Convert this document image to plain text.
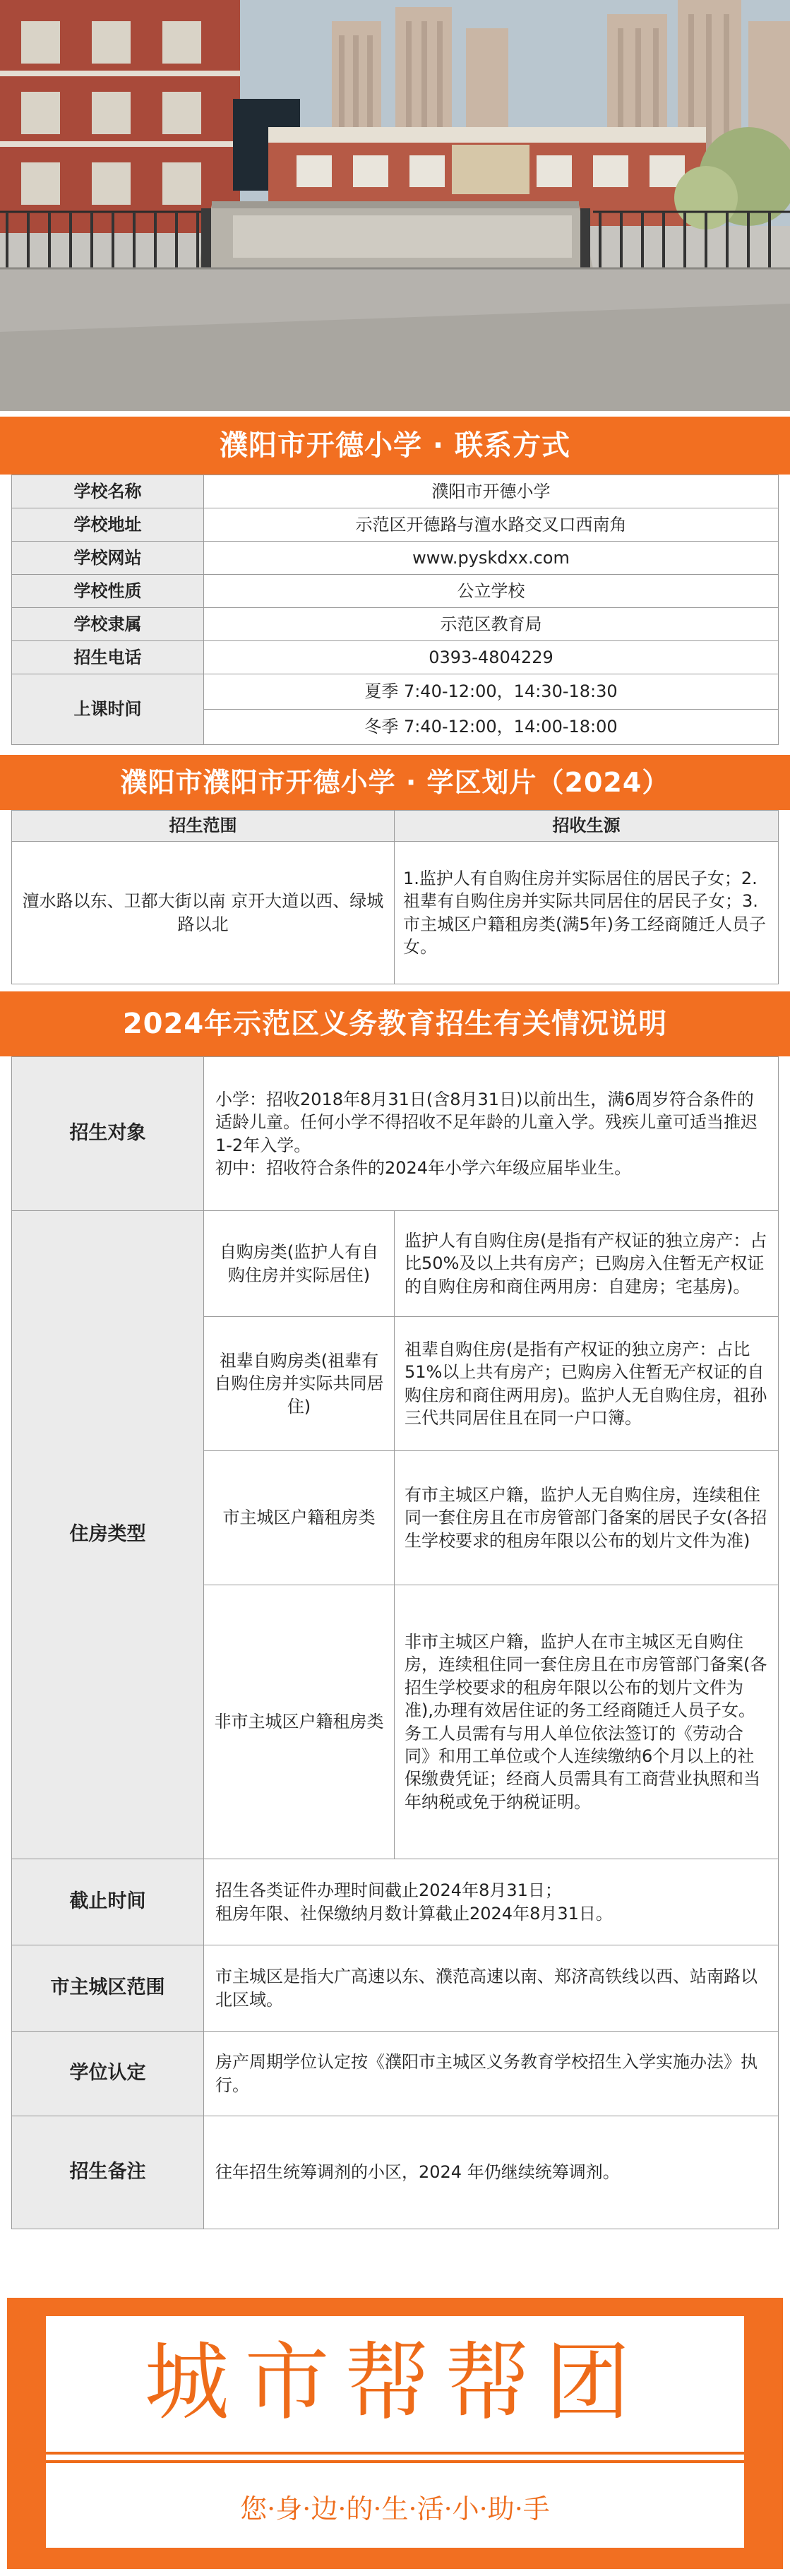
濮阳市开德小学 · 联系方式
学校名称	濮阳市开德小学
学校地址	示范区开德路与澶水路交叉口西南角
学校网站	www.pyskdxx.com
学校性质	公立学校
学校隶属	示范区教育局
招生电话	0393-4804229
上课时间	夏季 7:40-12:00，14:30-18:30
	冬季 7:40-12:00，14:00-18:00
濮阳市濮阳市开德小学 · 学区划片（2024）
招生范围	招收生源
澶水路以东、卫都大街以南 京开大道以西、绿城路以北	1.监护人有自购住房并实际居住的居民子女；2.祖辈有自购住房并实际共同居住的居民子女；3.市主城区户籍租房类(满5年)务工经商随迁人员子女。
2024年示范区义务教育招生有关情况说明
招生对象	小学：招收2018年8月31日(含8月31日)以前出生，满6周岁符合条件的适龄儿童。任何小学不得招收不足年龄的儿童入学。残疾儿童可适当推迟1-2年入学。
初中：招收符合条件的2024年小学六年级应届毕业生。	
住房类型	自购房类(监护人有自购住房并实际居住)	监护人有自购住房(是指有产权证的独立房产：占比50%及以上共有房产；已购房入住暂无产权证的自购住房和商住两用房：自建房；宅基房)。
	祖辈自购房类(祖辈有自购住房并实际共同居住)	祖辈自购住房(是指有产权证的独立房产：占比51%以上共有房产；已购房入住暂无产权证的自购住房和商住两用房)。监护人无自购住房，祖孙三代共同居住且在同一户口簿。
	市主城区户籍租房类	有市主城区户籍，监护人无自购住房，连续租住同一套住房且在市房管部门备案的居民子女(各招生学校要求的租房年限以公布的划片文件为准)
	非市主城区户籍租房类	非市主城区户籍，监护人在市主城区无自购住房，连续租住同一套住房且在市房管部门备案(各招生学校要求的租房年限以公布的划片文件为准),办理有效居住证的务工经商随迁人员子女。务工人员需有与用人单位依法签订的《劳动合同》和用工单位或个人连续缴纳6个月以上的社保缴费凭证；经商人员需具有工商营业执照和当年纳税或免于纳税证明。
截止时间	招生各类证件办理时间截止2024年8月31日；
租房年限、社保缴纳月数计算截止2024年8月31日。	
市主城区范围	市主城区是指大广高速以东、濮范高速以南、郑济高铁线以西、站南路以北区域。	
学位认定	房产周期学位认定按《濮阳市主城区义务教育学校招生入学实施办法》执行。	
招生备注	往年招生统筹调剂的小区，2024 年仍继续统筹调剂。	
城市帮帮团
您·身·边·的·生·活·小·助·手
